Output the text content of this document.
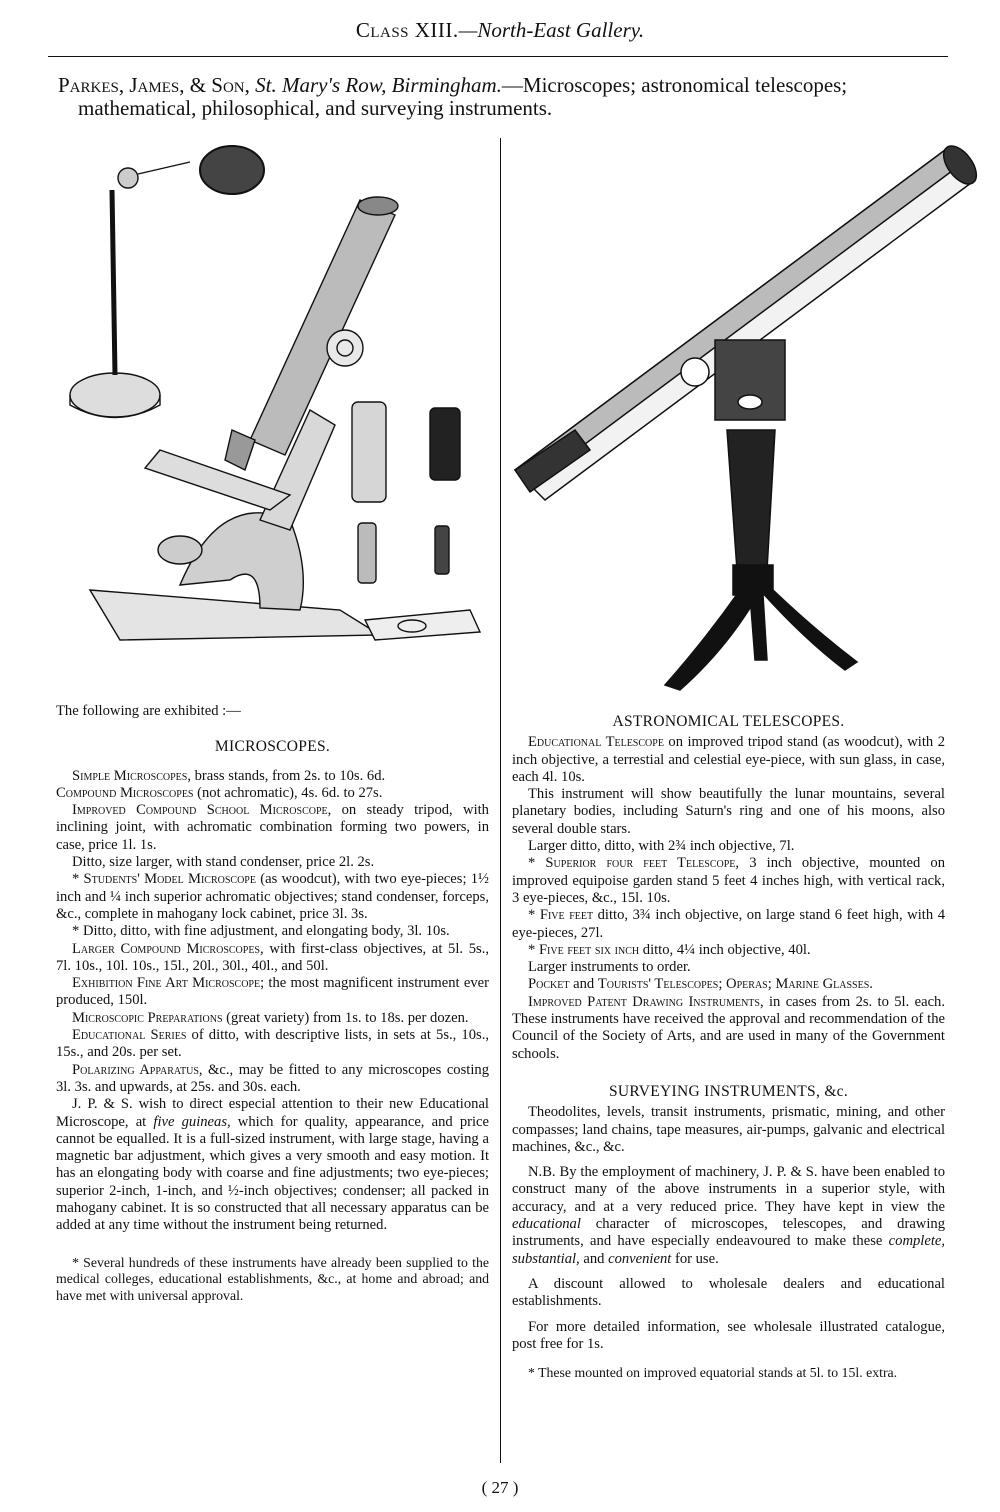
Class XIII.—North-East Gallery.
Parkes, James, & Son, St. Mary's Row, Birmingham.—Microscopes; astronomical telescopes; mathematical, philosophical, and surveying instruments.

The following are exhibited :—

MICROSCOPES.

Simple Microscopes, brass stands, from 2s. to 10s. 6d.

Compound Microscopes (not achromatic), 4s. 6d. to 27s.

Improved Compound School Microscope, on steady tripod, with inclining joint, with achromatic combination forming two powers, in case, price 1l. 1s.

Ditto, size larger, with stand condenser, price 2l. 2s.

* Students' Model Microscope (as woodcut), with two eye-pieces; 1½ inch and ¼ inch superior achromatic objectives; stand condenser, forceps, &c., complete in mahogany lock cabinet, price 3l. 3s.

* Ditto, ditto, with fine adjustment, and elongating body, 3l. 10s.

Larger Compound Microscopes, with first-class objectives, at 5l. 5s., 7l. 10s., 10l. 10s., 15l., 20l., 30l., 40l., and 50l.

Exhibition Fine Art Microscope; the most magnificent instrument ever produced, 150l.

Microscopic Preparations (great variety) from 1s. to 18s. per dozen.

Educational Series of ditto, with descriptive lists, in sets at 5s., 10s., 15s., and 20s. per set.

Polarizing Apparatus, &c., may be fitted to any microscopes costing 3l. 3s. and upwards, at 25s. and 30s. each.

J. P. & S. wish to direct especial attention to their new Educational Microscope, at five guineas, which for quality, appearance, and price cannot be equalled. It is a full-sized instrument, with large stage, having a magnetic bar adjustment, which gives a very smooth and easy motion. It has an elongating body with coarse and fine adjustments; two eye-pieces; superior 2-inch, 1-inch, and ½-inch objectives; condenser; all packed in mahogany cabinet. It is so constructed that all necessary apparatus can be added at any time without the instrument being returned.

* Several hundreds of these instruments have already been supplied to the medical colleges, educational establishments, &c., at home and abroad; and have met with universal approval.

ASTRONOMICAL TELESCOPES.

Educational Telescope on improved tripod stand (as woodcut), with 2 inch objective, a terrestial and celestial eye-piece, with sun glass, in case, each 4l. 10s.

This instrument will show beautifully the lunar mountains, several planetary bodies, including Saturn's ring and one of his moons, also several double stars.

Larger ditto, ditto, with 2¾ inch objective, 7l.

* Superior four feet Telescope, 3 inch objective, mounted on improved equipoise garden stand 5 feet 4 inches high, with vertical rack, 3 eye-pieces, &c., 15l. 10s.

* Five feet ditto, 3¾ inch objective, on large stand 6 feet high, with 4 eye-pieces, 27l.

* Five feet six inch ditto, 4¼ inch objective, 40l.

Larger instruments to order.

Pocket and Tourists' Telescopes; Operas; Marine Glasses.

Improved Patent Drawing Instruments, in cases from 2s. to 5l. each. These instruments have received the approval and recommendation of the Council of the Society of Arts, and are used in many of the Government schools.

SURVEYING INSTRUMENTS, &c.

Theodolites, levels, transit instruments, prismatic, mining, and other compasses; land chains, tape measures, air-pumps, galvanic and electrical machines, &c., &c.

N.B. By the employment of machinery, J. P. & S. have been enabled to construct many of the above instruments in a superior style, with accuracy, and at a very reduced price. They have kept in view the educational character of microscopes, telescopes, and drawing instruments, and have especially endeavoured to make these complete, substantial, and convenient for use.

A discount allowed to wholesale dealers and educational establishments.

For more detailed information, see wholesale illustrated catalogue, post free for 1s.

* These mounted on improved equatorial stands at 5l. to 15l. extra.

( 27 )
